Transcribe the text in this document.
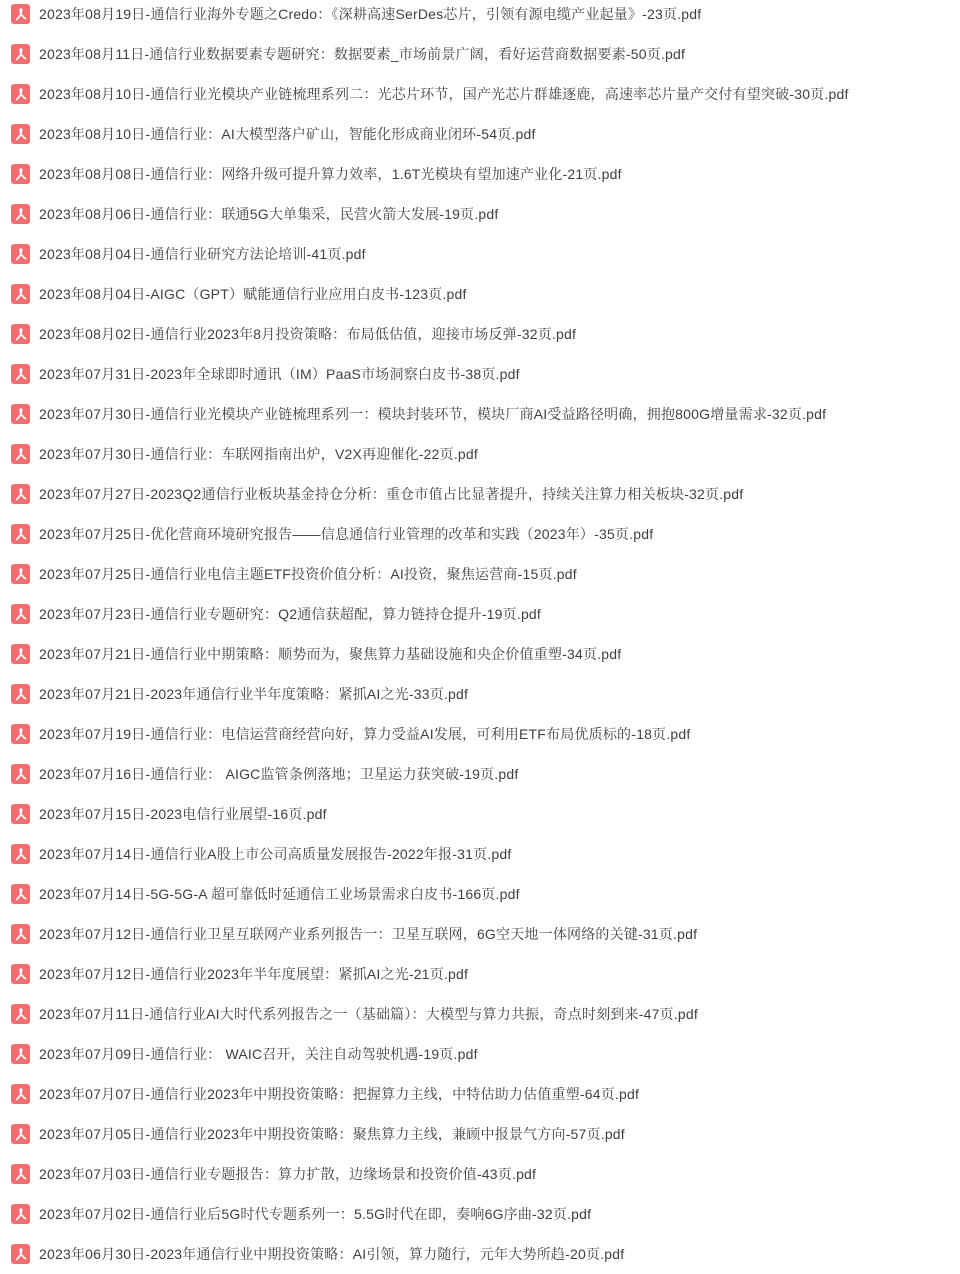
2023年08月19日-通信行业海外专题之Credo：《深耕高速SerDes芯片，引领有源电缆产业起量》-23页.pdf
2023年08月11日-通信行业数据要素专题研究：数据要素_市场前景广阔，看好运营商数据要素-50页.pdf
2023年08月10日-通信行业光模块产业链梳理系列二：光芯片环节，国产光芯片群雄逐鹿，高速率芯片量产交付有望突破-30页.pdf
2023年08月10日-通信行业：AI大模型落户矿山，智能化形成商业闭环-54页.pdf
2023年08月08日-通信行业：网络升级可提升算力效率，1.6T光模块有望加速产业化-21页.pdf
2023年08月06日-通信行业：联通5G大单集采，民营火箭大发展-19页.pdf
2023年08月04日-通信行业研究方法论培训-41页.pdf
2023年08月04日-AIGC（GPT）赋能通信行业应用白皮书-123页.pdf
2023年08月02日-通信行业2023年8月投资策略：布局低估值，迎接市场反弹-32页.pdf
2023年07月31日-2023年全球即时通讯（IM）PaaS市场洞察白皮书-38页.pdf
2023年07月30日-通信行业光模块产业链梳理系列一：模块封装环节，模块厂商AI受益路径明确，拥抱800G增量需求-32页.pdf
2023年07月30日-通信行业：车联网指南出炉，V2X再迎催化-22页.pdf
2023年07月27日-2023Q2通信行业板块基金持仓分析：重仓市值占比显著提升，持续关注算力相关板块-32页.pdf
2023年07月25日-优化营商环境研究报告——信息通信行业管理的改革和实践（2023年）-35页.pdf
2023年07月25日-通信行业电信主题ETF投资价值分析：AI投资，聚焦运营商-15页.pdf
2023年07月23日-通信行业专题研究：Q2通信获超配，算力链持仓提升-19页.pdf
2023年07月21日-通信行业中期策略：顺势而为，聚焦算力基础设施和央企价值重塑-34页.pdf
2023年07月21日-2023年通信行业半年度策略：紧抓AI之光-33页.pdf
2023年07月19日-通信行业：电信运营商经营向好，算力受益AI发展，可利用ETF布局优质标的-18页.pdf
2023年07月16日-通信行业： AIGC监管条例落地；卫星运力获突破-19页.pdf
2023年07月15日-2023电信行业展望-16页.pdf
2023年07月14日-通信行业A股上市公司高质量发展报告-2022年报-31页.pdf
2023年07月14日-5G-5G-A 超可靠低时延通信工业场景需求白皮书-166页.pdf
2023年07月12日-通信行业卫星互联网产业系列报告一：卫星互联网，6G空天地一体网络的关键-31页.pdf
2023年07月12日-通信行业2023年半年度展望：紧抓AI之光-21页.pdf
2023年07月11日-通信行业AI大时代系列报告之一（基础篇）：大模型与算力共振，奇点时刻到来-47页.pdf
2023年07月09日-通信行业： WAIC召开，关注自动驾驶机遇-19页.pdf
2023年07月07日-通信行业2023年中期投资策略：把握算力主线，中特估助力估值重塑-64页.pdf
2023年07月05日-通信行业2023年中期投资策略：聚焦算力主线，兼顾中报景气方向-57页.pdf
2023年07月03日-通信行业专题报告：算力扩散，边缘场景和投资价值-43页.pdf
2023年07月02日-通信行业后5G时代专题系列一：5.5G时代在即，奏响6G序曲-32页.pdf
2023年06月30日-2023年通信行业中期投资策略：AI引领，算力随行，元年大势所趋-20页.pdf
